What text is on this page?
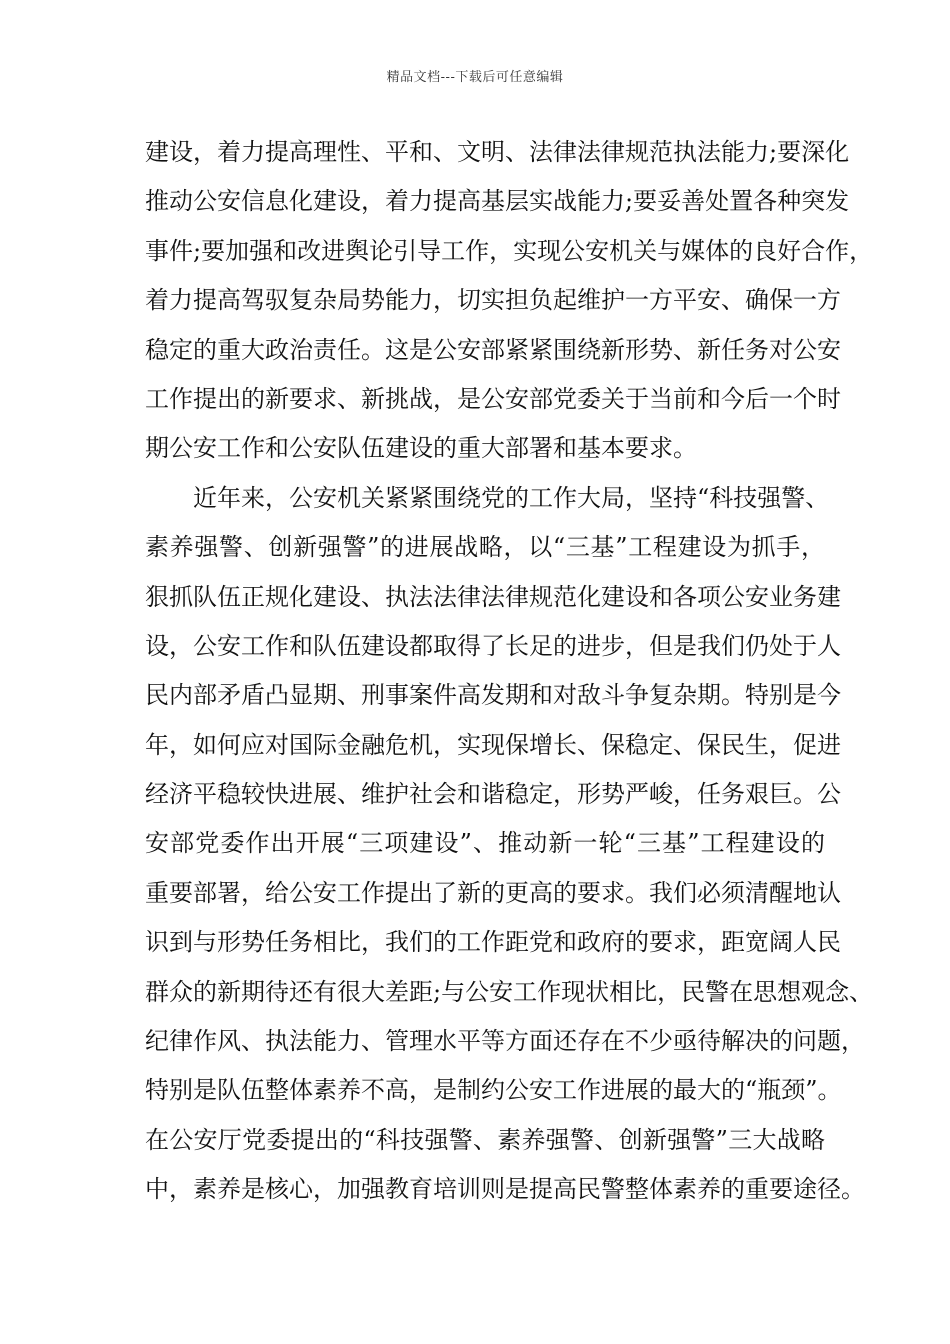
精品文档---下载后可任意编辑
建设，着力提高理性、平和、文明、法律法律规范执法能力;要深化
推动公安信息化建设，着力提高基层实战能力;要妥善处置各种突发
事件;要加强和改进舆论引导工作，实现公安机关与媒体的良好合作，
着力提高驾驭复杂局势能力，切实担负起维护一方平安、确保一方
稳定的重大政治责任。这是公安部紧紧围绕新形势、新任务对公安
工作提出的新要求、新挑战，是公安部党委关于当前和今后一个时
期公安工作和公安队伍建设的重大部署和基本要求。
近年来，公安机关紧紧围绕党的工作大局，坚持“科技强警、
素养强警、创新强警”的进展战略，以“三基”工程建设为抓手，
狠抓队伍正规化建设、执法法律法律规范化建设和各项公安业务建
设，公安工作和队伍建设都取得了长足的进步，但是我们仍处于人
民内部矛盾凸显期、刑事案件高发期和对敌斗争复杂期。特别是今
年，如何应对国际金融危机，实现保增长、保稳定、保民生，促进
经济平稳较快进展、维护社会和谐稳定，形势严峻，任务艰巨。公
安部党委作出开展“三项建设”、推动新一轮“三基”工程建设的
重要部署，给公安工作提出了新的更高的要求。我们必须清醒地认
识到与形势任务相比，我们的工作距党和政府的要求，距宽阔人民
群众的新期待还有很大差距;与公安工作现状相比，民警在思想观念、
纪律作风、执法能力、管理水平等方面还存在不少亟待解决的问题，
特别是队伍整体素养不高，是制约公安工作进展的最大的“瓶颈”。
在公安厅党委提出的“科技强警、素养强警、创新强警”三大战略
中，素养是核心，加强教育培训则是提高民警整体素养的重要途径。
